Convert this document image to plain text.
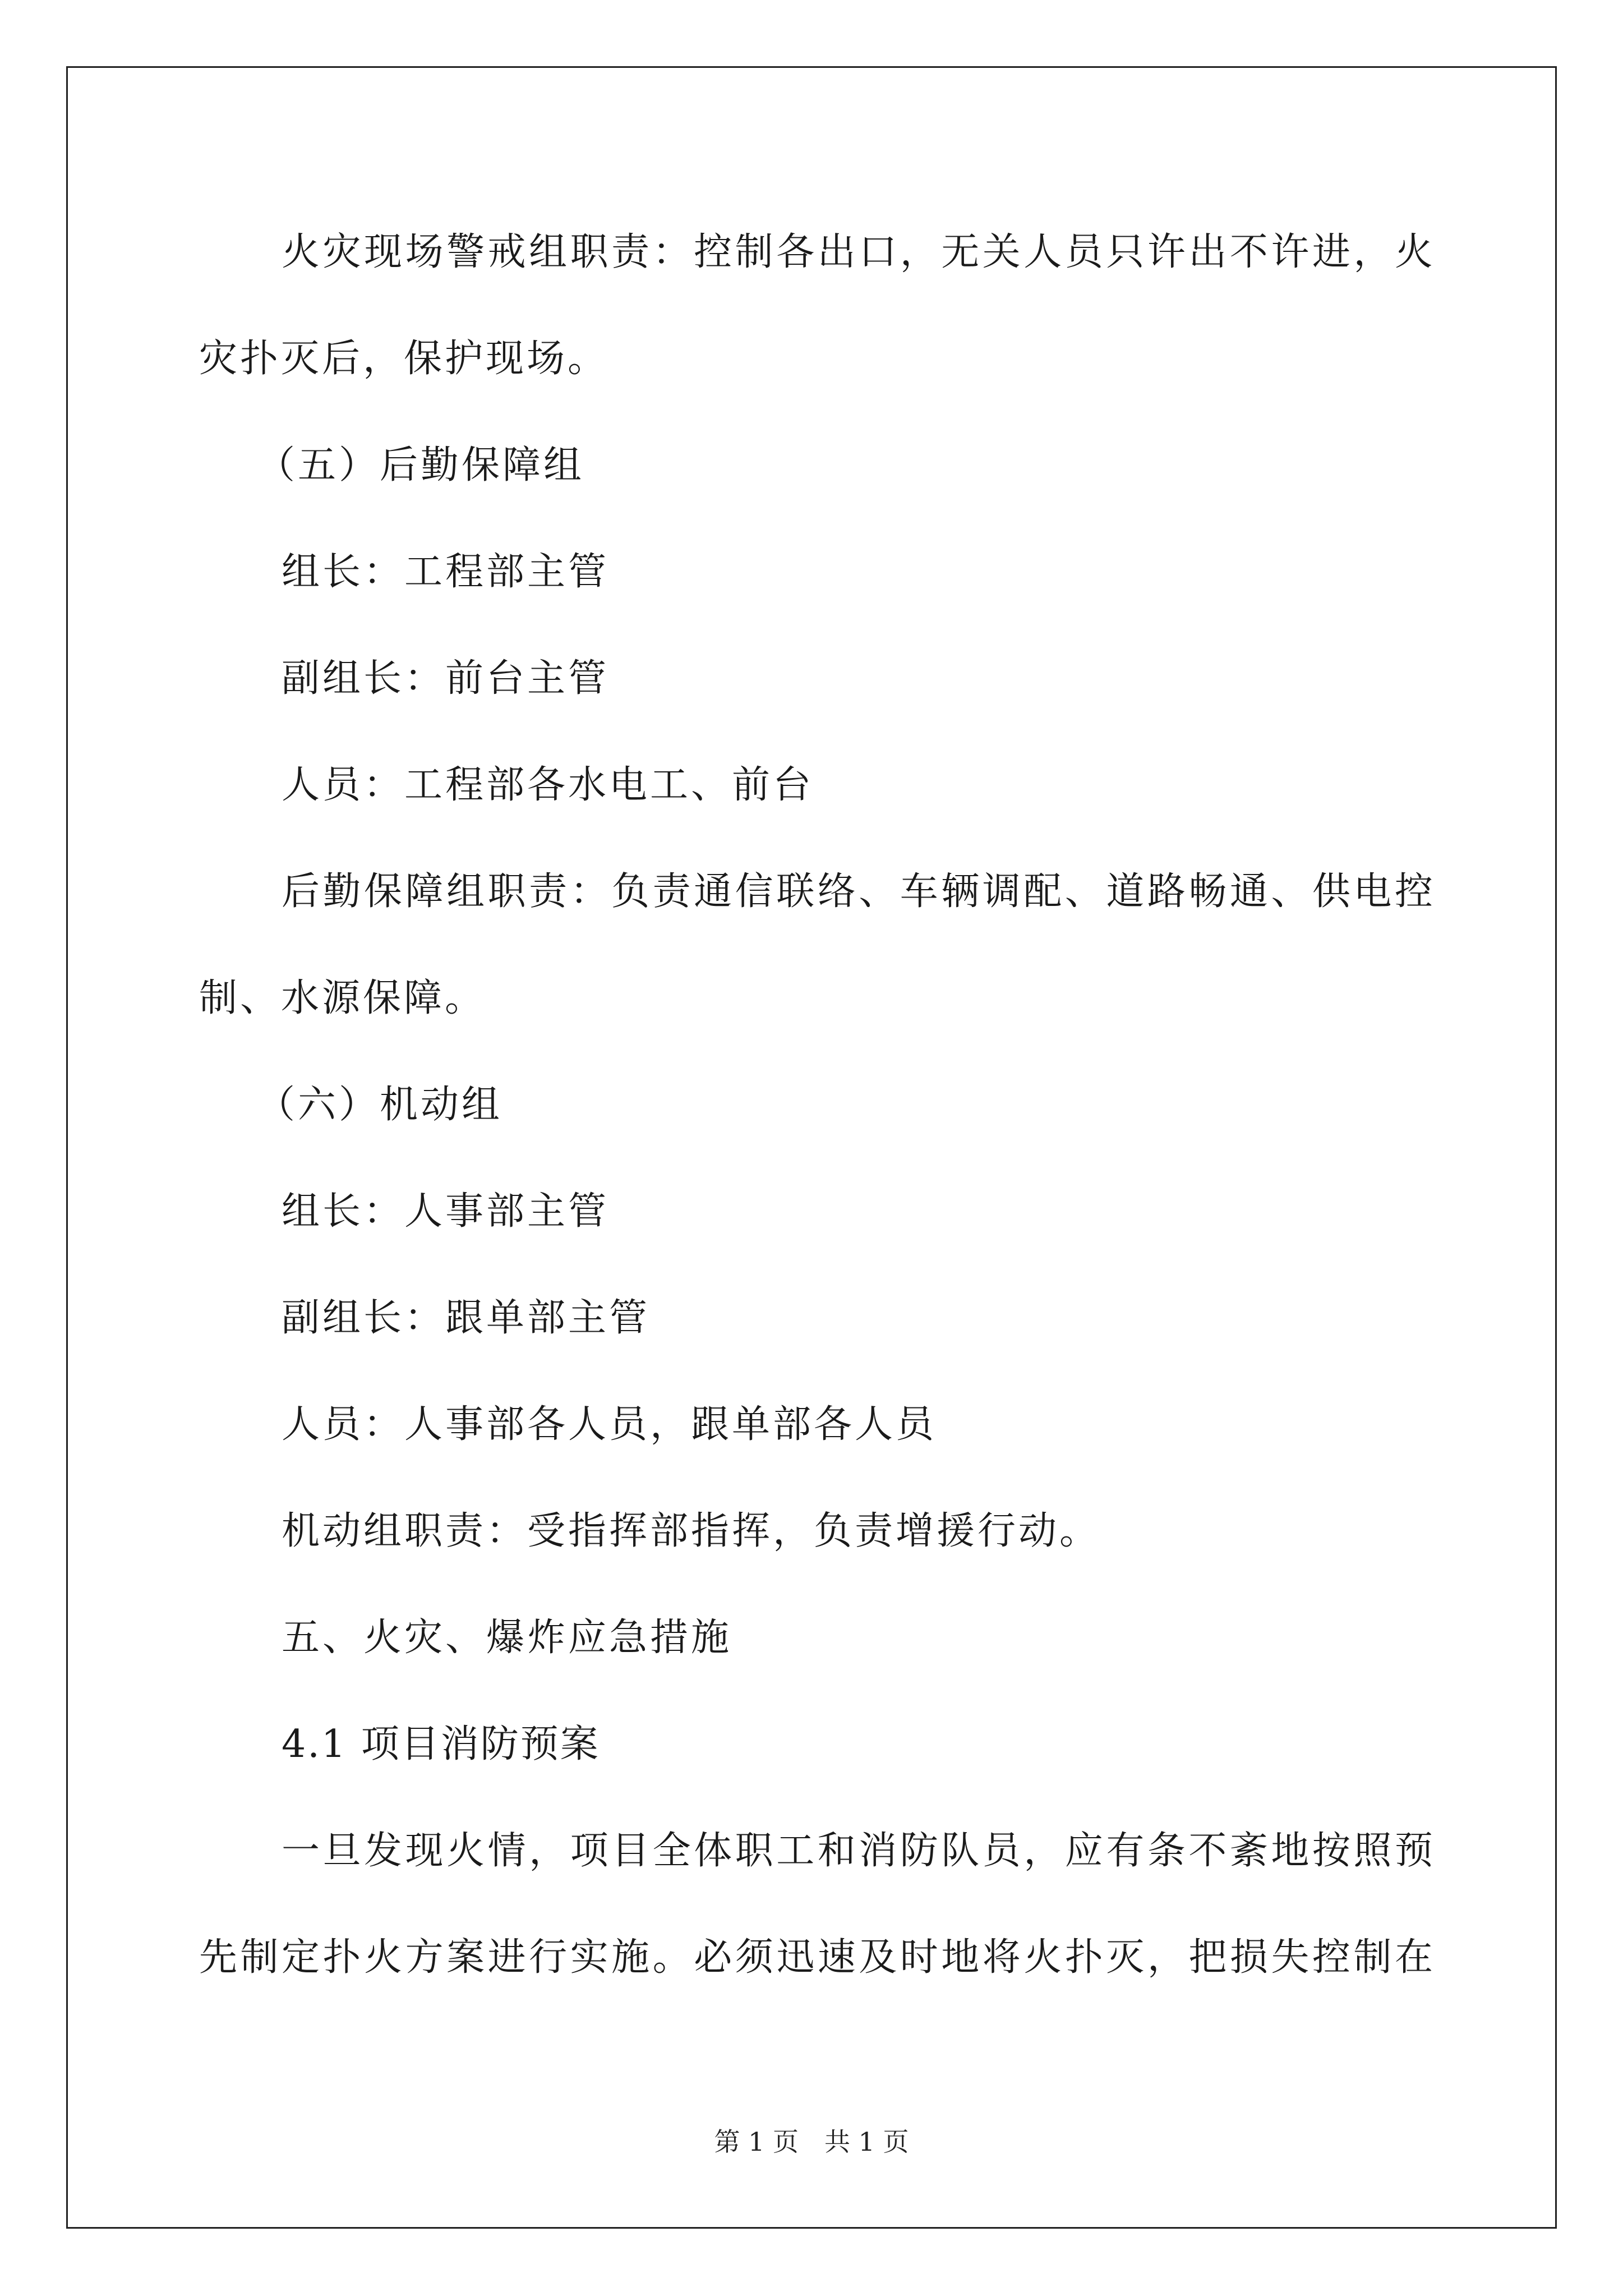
火 灾 现 场 警 戒 组 职 责 ： 控 制 各 出 口 ， 无 关 人 员 只 许 出 不 许 进 ， 火
灾扑灭后，保护现场。
（五）后勤保障组
组长：工程部主管
副组长：前台主管
人员：工程部各水电工、前台
后 勤 保 障 组 职 责 ： 负 责 通 信 联 络 、 车 辆 调 配 、 道 路 畅 通 、 供 电 控
制、水源保障。
（六）机动组
组长：人事部主管
副组长：跟单部主管
人员：人事部各人员，跟单部各人员
机动组职责：受指挥部指挥，负责增援行动。
五、火灾、爆炸应急措施
4.1 项目消防预案
一 旦 发 现 火 情 ， 项 目 全 体 职 工 和 消 防 队 员 ， 应 有 条 不 紊 地 按 照 预
先 制 定 扑 火 方 案 进 行 实 施 。 必 须 迅 速 及 时 地 将 火 扑 灭 ， 把 损 失 控 制 在
第 1 页　共 1 页
